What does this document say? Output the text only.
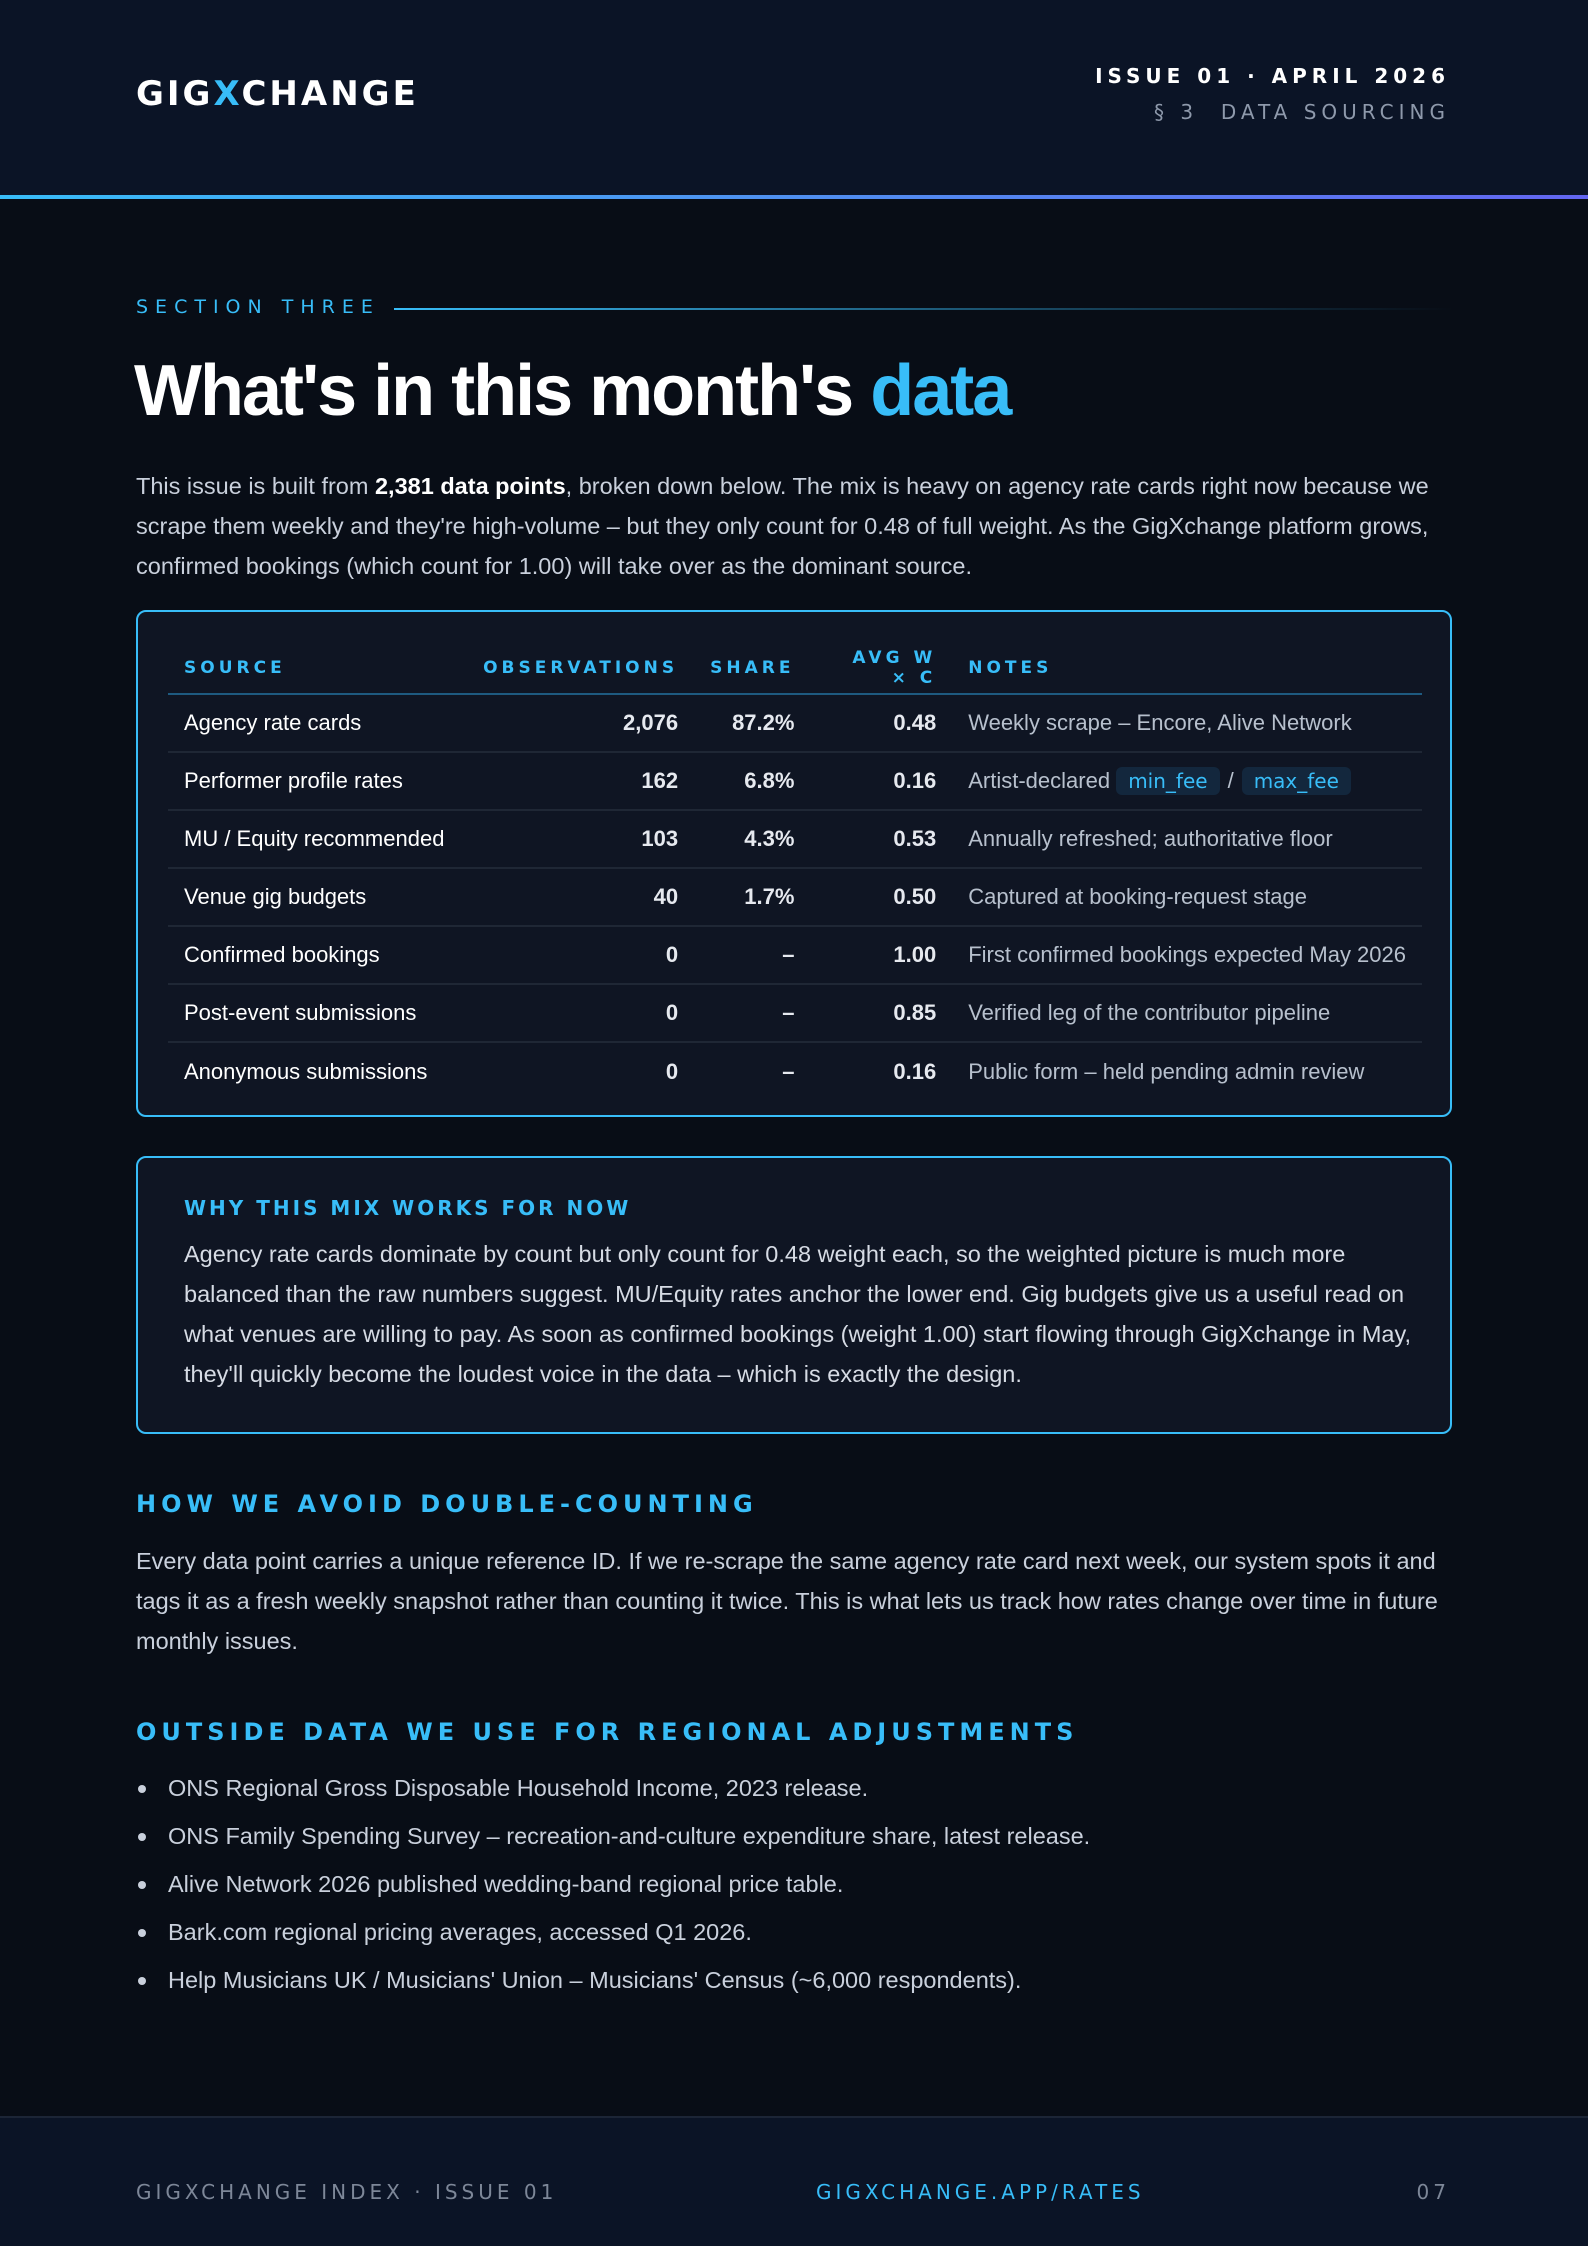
GIGXCHANGE	ISSUE 01 · APRIL 2026
§ 3  DATA SOURCING
SECTION THREE
What's in this month's data

This issue is built from 2,381 data points, broken down below. The mix is heavy on agency rate cards right now because we scrape them weekly and they're high-volume – but they only count for 0.48 of full weight. As the GigXchange platform grows, confirmed bookings (which count for 1.00) will take over as the dominant source.

SOURCE	OBSERVATIONS	SHARE	AVG W × C	NOTES
Agency rate cards	2,076	87.2%	0.48	Weekly scrape – Encore, Alive Network
Performer profile rates	162	6.8%	0.16	Artist-declared min_fee / max_fee
MU / Equity recommended	103	4.3%	0.53	Annually refreshed; authoritative floor
Venue gig budgets	40	1.7%	0.50	Captured at booking-request stage
Confirmed bookings	0	–	1.00	First confirmed bookings expected May 2026
Post-event submissions	0	–	0.85	Verified leg of the contributor pipeline
Anonymous submissions	0	–	0.16	Public form – held pending admin review
WHY THIS MIX WORKS FOR NOW

Agency rate cards dominate by count but only count for 0.48 weight each, so the weighted picture is much more balanced than the raw numbers suggest. MU/Equity rates anchor the lower end. Gig budgets give us a useful read on what venues are willing to pay. As soon as confirmed bookings (weight 1.00) start flowing through GigXchange in May, they'll quickly become the loudest voice in the data – which is exactly the design.

HOW WE AVOID DOUBLE-COUNTING

Every data point carries a unique reference ID. If we re-scrape the same agency rate card next week, our system spots it and tags it as a fresh weekly snapshot rather than counting it twice. This is what lets us track how rates change over time in future monthly issues.

OUTSIDE DATA WE USE FOR REGIONAL ADJUSTMENTS
ONS Regional Gross Disposable Household Income, 2023 release.
ONS Family Spending Survey – recreation-and-culture expenditure share, latest release.
Alive Network 2026 published wedding-band regional price table.
Bark.com regional pricing averages, accessed Q1 2026.
Help Musicians UK / Musicians' Union – Musicians' Census (~6,000 respondents).
GIGXCHANGE INDEX · ISSUE 01	GIGXCHANGE.APP/RATES	07
